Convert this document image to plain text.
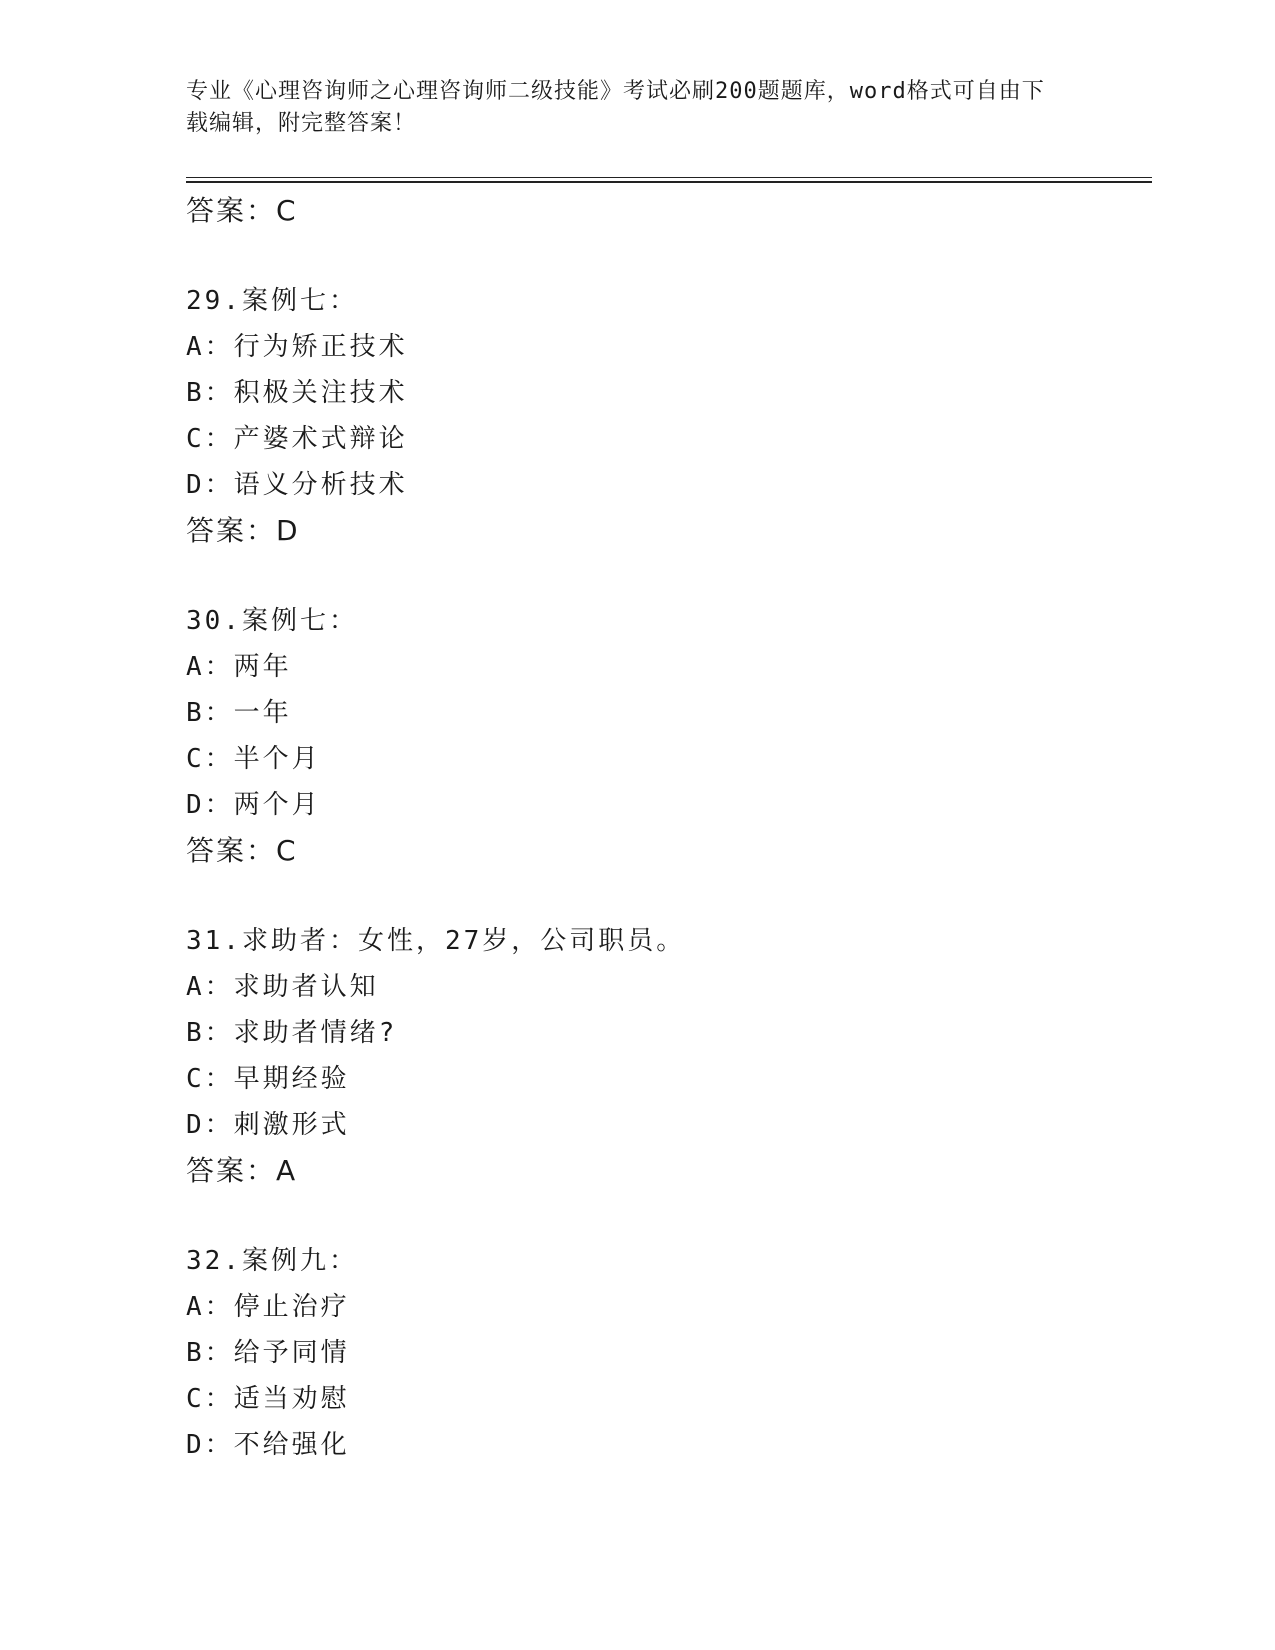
专业《心理咨询师之心理咨询师二级技能》考试必刷200题题库，word格式可自由下载编辑，附完整答案！
答案：C
29.案例七：
A：行为矫正技术
B：积极关注技术
C：产婆术式辩论
D：语义分析技术
答案：D
30.案例七：
A：两年
B：一年
C：半个月
D：两个月
答案：C
31.求助者：女性，27岁，公司职员。
A：求助者认知
B：求助者情绪?
C：早期经验
D：刺激形式
答案：A
32.案例九：
A：停止治疗
B：给予同情
C：适当劝慰
D：不给强化
